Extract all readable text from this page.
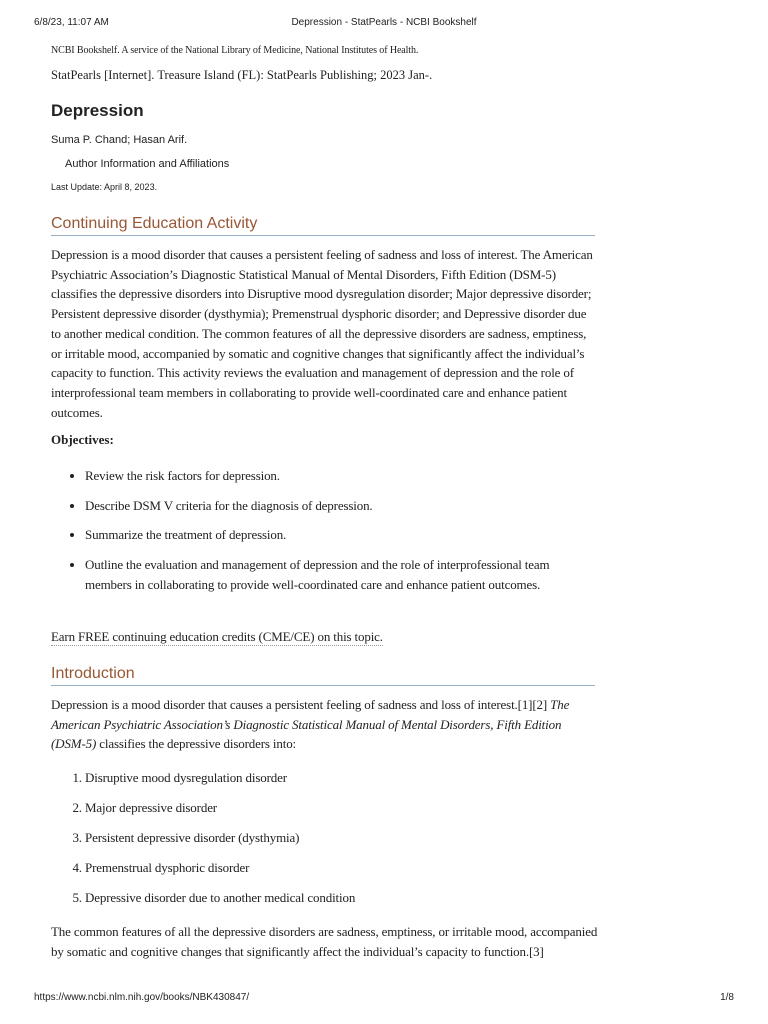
6/8/23, 11:07 AM	Depression - StatPearls - NCBI Bookshelf
NCBI Bookshelf. A service of the National Library of Medicine, National Institutes of Health.
StatPearls [Internet]. Treasure Island (FL): StatPearls Publishing; 2023 Jan-.
Depression
Suma P. Chand; Hasan Arif.
Author Information and Affiliations
Last Update: April 8, 2023.
Continuing Education Activity

Depression is a mood disorder that causes a persistent feeling of sadness and loss of interest. The American Psychiatric Association’s Diagnostic Statistical Manual of Mental Disorders, Fifth Edition (DSM-5) classifies the depressive disorders into Disruptive mood dysregulation disorder; Major depressive disorder; Persistent depressive disorder (dysthymia); Premenstrual dysphoric disorder; and Depressive disorder due to another medical condition. The common features of all the depressive disorders are sadness, emptiness, or irritable mood, accompanied by somatic and cognitive changes that significantly affect the individual’s capacity to function. This activity reviews the evaluation and management of depression and the role of interprofessional team members in collaborating to provide well-coordinated care and enhance patient outcomes.

Objectives:
• Review the risk factors for depression.
• Describe DSM V criteria for the diagnosis of depression.
• Summarize the treatment of depression.
• Outline the evaluation and management of depression and the role of interprofessional team members in collaborating to provide well-coordinated care and enhance patient outcomes.
Earn FREE continuing education credits (CME/CE) on this topic.
Introduction

Depression is a mood disorder that causes a persistent feeling of sadness and loss of interest.[1][2] The American Psychiatric Association’s Diagnostic Statistical Manual of Mental Disorders, Fifth Edition (DSM-5) classifies the depressive disorders into:

1. Disruptive mood dysregulation disorder
2. Major depressive disorder
3. Persistent depressive disorder (dysthymia)
4. Premenstrual dysphoric disorder
5. Depressive disorder due to another medical condition

The common features of all the depressive disorders are sadness, emptiness, or irritable mood, accompanied by somatic and cognitive changes that significantly affect the individual’s capacity to function.[3]

https://www.ncbi.nlm.nih.gov/books/NBK430847/	1/8
